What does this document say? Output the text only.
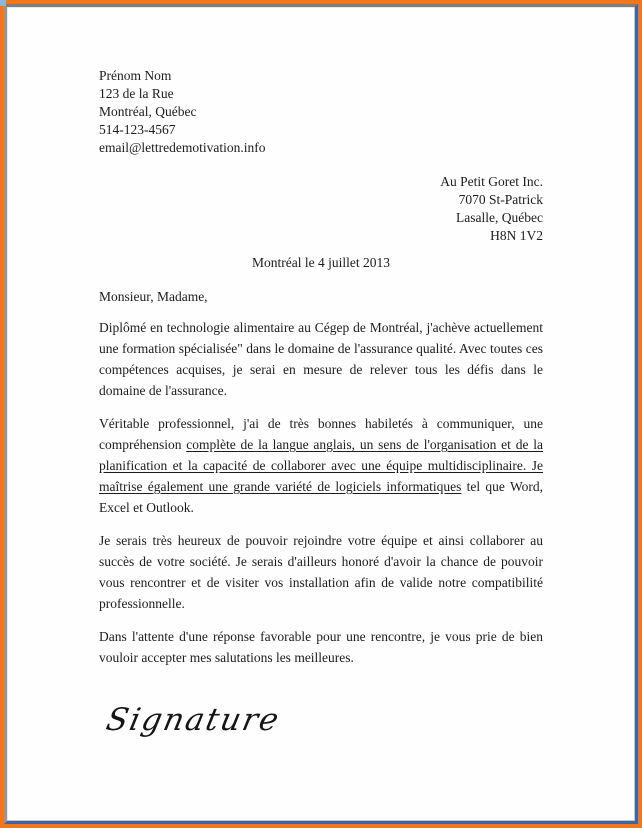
Prénom Nom
123 de la Rue
Montréal, Québec
514-123-4567
email@lettredemotivation.info
Au Petit Goret Inc.
7070 St-Patrick
Lasalle, Québec
H8N 1V2
Montréal le 4 juillet 2013
Monsieur, Madame,

Diplômé en technologie alimentaire au Cégep de Montréal, j'achève actuellement une formation spécialisée" dans le domaine de l'assurance qualité. Avec toutes ces compétences acquises, je serai en mesure de relever tous les défis dans le domaine de l'assurance.

Véritable professionnel, j'ai de très bonnes habiletés à communiquer, une compréhension complète de la langue anglais, un sens de l'organisation et de la planification et la capacité de collaborer avec une équipe multidisciplinaire. Je maîtrise également une grande variété de logiciels informatiques tel que Word, Excel et Outlook.

Je serais très heureux de pouvoir rejoindre votre équipe et ainsi collaborer au succès de votre société. Je serais d'ailleurs honoré d'avoir la chance de pouvoir vous rencontrer et de visiter vos installation afin de valide notre compatibilité professionnelle.

Dans l'attente d'une réponse favorable pour une rencontre, je vous prie de bien vouloir accepter mes salutations les meilleures.

Signature
